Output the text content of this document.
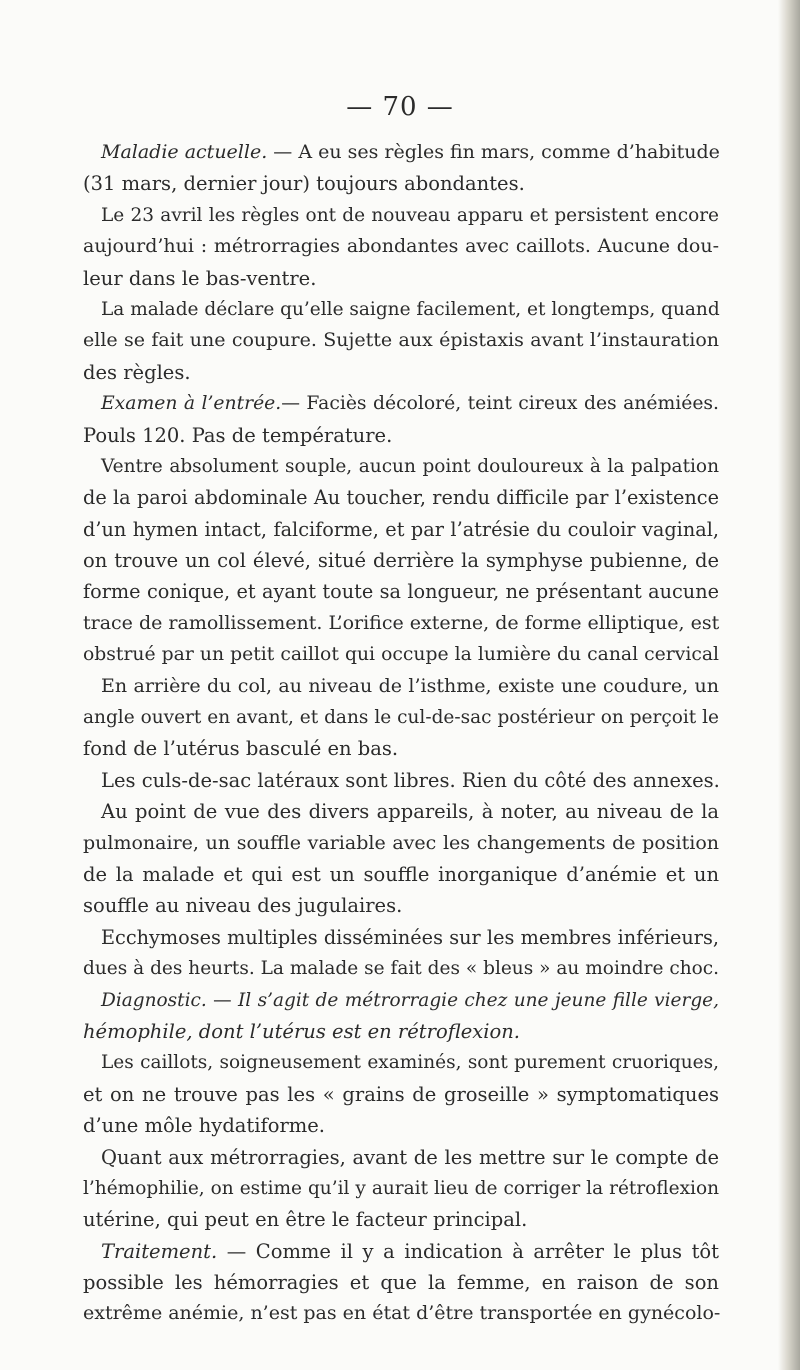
— 70 —
Maladie actuelle. — A eu ses règles fin mars, comme d’habitude
(31 mars, dernier jour) toujours abondantes.
Le 23 avril les règles ont de nouveau apparu et persistent encore
aujourd’hui : métrorragies abondantes avec caillots. Aucune dou-
leur dans le bas-ventre.
La malade déclare qu’elle saigne facilement, et longtemps, quand
elle se fait une coupure. Sujette aux épistaxis avant l’instauration
des règles.
Examen à l’entrée.— Faciès décoloré, teint cireux des anémiées.
Pouls 120. Pas de température.
Ventre absolument souple, aucun point douloureux à la palpation
de la paroi abdominale Au toucher, rendu difficile par l’existence
d’un hymen intact, falciforme, et par l’atrésie du couloir vaginal,
on trouve un col élevé, situé derrière la symphyse pubienne, de
forme conique, et ayant toute sa longueur, ne présentant aucune
trace de ramollissement. L’orifice externe, de forme elliptique, est
obstrué par un petit caillot qui occupe la lumière du canal cervical
En arrière du col, au niveau de l’isthme, existe une coudure, un
angle ouvert en avant, et dans le cul-de-sac postérieur on perçoit le
fond de l’utérus basculé en bas.
Les culs-de-sac latéraux sont libres. Rien du côté des annexes.
Au point de vue des divers appareils, à noter, au niveau de la
pulmonaire, un souffle variable avec les changements de position
de la malade et qui est un souffle inorganique d’anémie et un
souffle au niveau des jugulaires.
Ecchymoses multiples disséminées sur les membres inférieurs,
dues à des heurts. La malade se fait des « bleus » au moindre choc.
Diagnostic. — Il s’agit de métrorragie chez une jeune fille vierge,
hémophile, dont l’utérus est en rétroflexion.
Les caillots, soigneusement examinés, sont purement cruoriques,
et on ne trouve pas les « grains de groseille » symptomatiques
d’une môle hydatiforme.
Quant aux métrorragies, avant de les mettre sur le compte de
l’hémophilie, on estime qu’il y aurait lieu de corriger la rétroflexion
utérine, qui peut en être le facteur principal.
Traitement. — Comme il y a indication à arrêter le plus tôt
possible les hémorragies et que la femme, en raison de son
extrême anémie, n’est pas en état d’être transportée en gynécolo-
